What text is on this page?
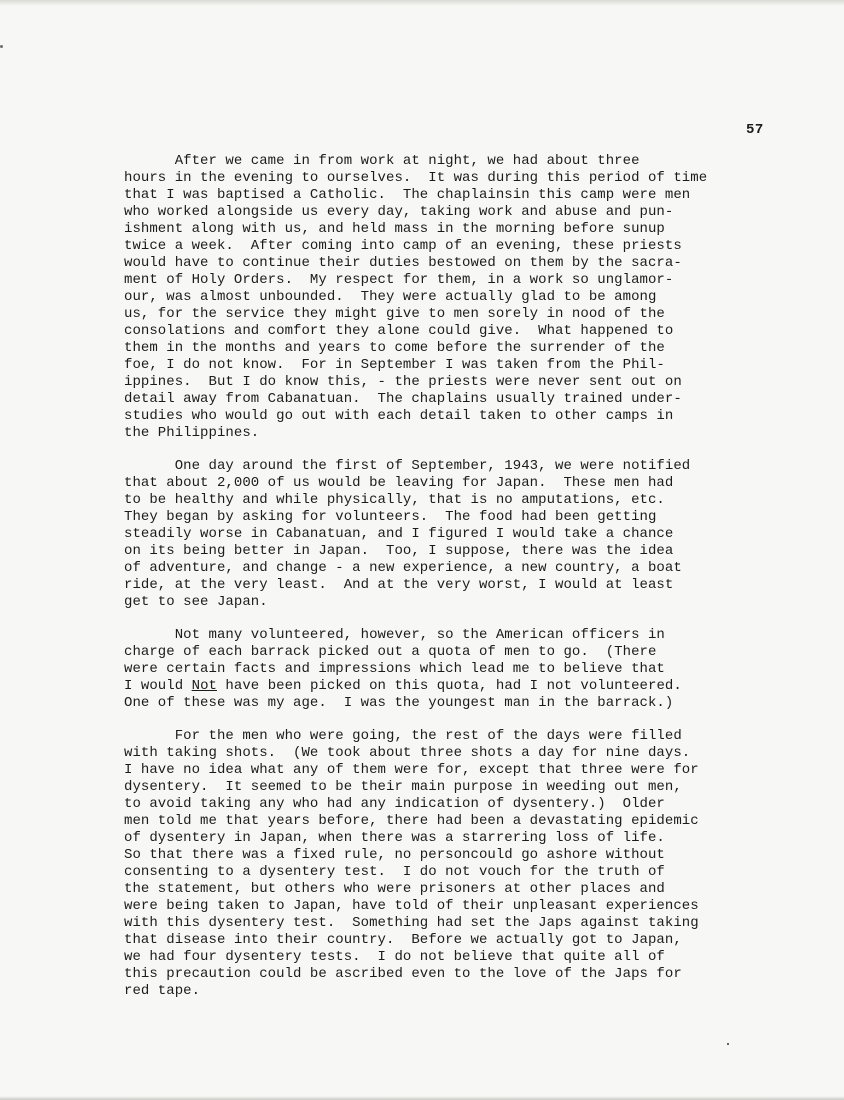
57
After we came in from work at night, we had about three
hours in the evening to ourselves.  It was during this period of time
that I was baptised a Catholic.  The chaplainsin this camp were men
who worked alongside us every day, taking work and abuse and pun-
ishment along with us, and held mass in the morning before sunup
twice a week.  After coming into camp of an evening, these priests
would have to continue their duties bestowed on them by the sacra-
ment of Holy Orders.  My respect for them, in a work so unglamor-
our, was almost unbounded.  They were actually glad to be among
us, for the service they might give to men sorely in nood of the
consolations and comfort they alone could give.  What happened to
them in the months and years to come before the surrender of the
foe, I do not know.  For in September I was taken from the Phil-
ippines.  But I do know this, - the priests were never sent out on
detail away from Cabanatuan.  The chaplains usually trained under-
studies who would go out with each detail taken to other camps in
the Philippines.
One day around the first of September, 1943, we were notified
that about 2,000 of us would be leaving for Japan.  These men had
to be healthy and while physically, that is no amputations, etc.
They began by asking for volunteers.  The food had been getting
steadily worse in Cabanatuan, and I figured I would take a chance
on its being better in Japan.  Too, I suppose, there was the idea
of adventure, and change - a new experience, a new country, a boat
ride, at the very least.  And at the very worst, I would at least
get to see Japan.
Not many volunteered, however, so the American officers in
charge of each barrack picked out a quota of men to go.  (There
were certain facts and impressions which lead me to believe that
I would Not have been picked on this quota, had I not volunteered.
One of these was my age.  I was the youngest man in the barrack.)
For the men who were going, the rest of the days were filled
with taking shots.  (We took about three shots a day for nine days.
I have no idea what any of them were for, except that three were for
dysentery.  It seemed to be their main purpose in weeding out men,
to avoid taking any who had any indication of dysentery.)  Older
men told me that years before, there had been a devastating epidemic
of dysentery in Japan, when there was a starrering loss of life.
So that there was a fixed rule, no personcould go ashore without
consenting to a dysentery test.  I do not vouch for the truth of
the statement, but others who were prisoners at other places and
were being taken to Japan, have told of their unpleasant experiences
with this dysentery test.  Something had set the Japs against taking
that disease into their country.  Before we actually got to Japan,
we had four dysentery tests.  I do not believe that quite all of
this precaution could be ascribed even to the love of the Japs for
red tape.
